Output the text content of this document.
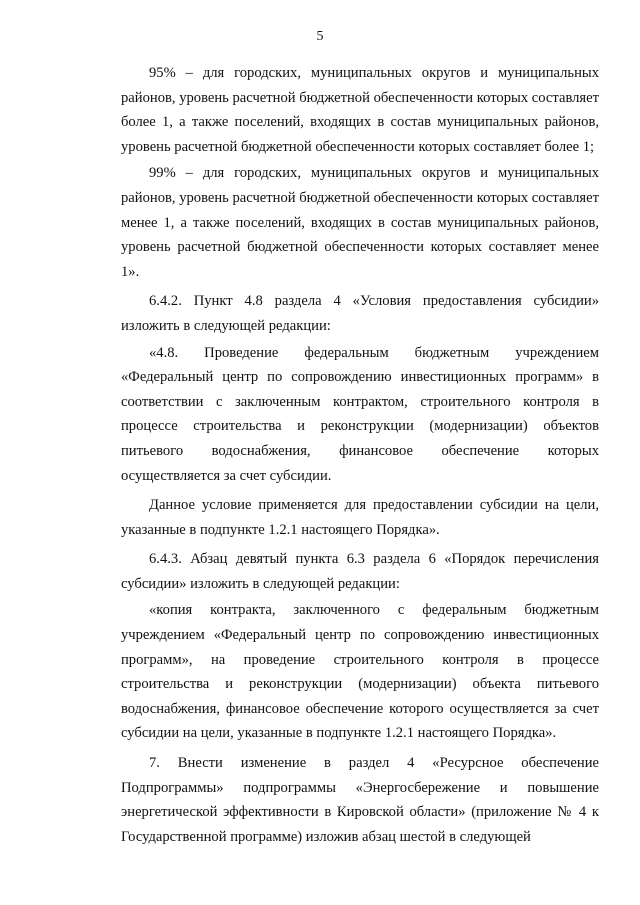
5

95% – для городских, муниципальных округов и муниципальных районов, уровень расчетной бюджетной обеспеченности которых составляет более 1, а также поселений, входящих в состав муниципальных районов, уровень расчетной бюджетной обеспеченности которых составляет более 1;

99% – для городских, муниципальных округов и муниципальных районов, уровень расчетной бюджетной обеспеченности которых составляет менее 1, а также поселений, входящих в состав муниципальных районов, уровень расчетной бюджетной обеспеченности которых составляет менее 1».

6.4.2. Пункт 4.8 раздела 4 «Условия предоставления субсидии» изложить в следующей редакции:

«4.8. Проведение федеральным бюджетным учреждением «Федеральный центр по сопровождению инвестиционных программ» в соответствии с заключенным контрактом, строительного контроля в процессе строительства и реконструкции (модернизации) объектов питьевого водоснабжения, финансовое обеспечение которых осуществляется за счет субсидии.

Данное условие применяется для предоставлении субсидии на цели, указанные в подпункте 1.2.1 настоящего Порядка».

6.4.3. Абзац девятый пункта 6.3 раздела 6 «Порядок перечисления субсидии» изложить в следующей редакции:

«копия контракта, заключенного с федеральным бюджетным учреждением «Федеральный центр по сопровождению инвестиционных программ», на проведение строительного контроля в процессе строительства и реконструкции (модернизации) объекта питьевого водоснабжения, финансовое обеспечение которого осуществляется за счет субсидии на цели, указанные в подпункте 1.2.1 настоящего Порядка».

7. Внести изменение в раздел 4 «Ресурсное обеспечение Подпрограммы» подпрограммы «Энергосбережение и повышение энергетической эффективности в Кировской области» (приложение № 4 к Государственной программе) изложив абзац шестой в следующей
